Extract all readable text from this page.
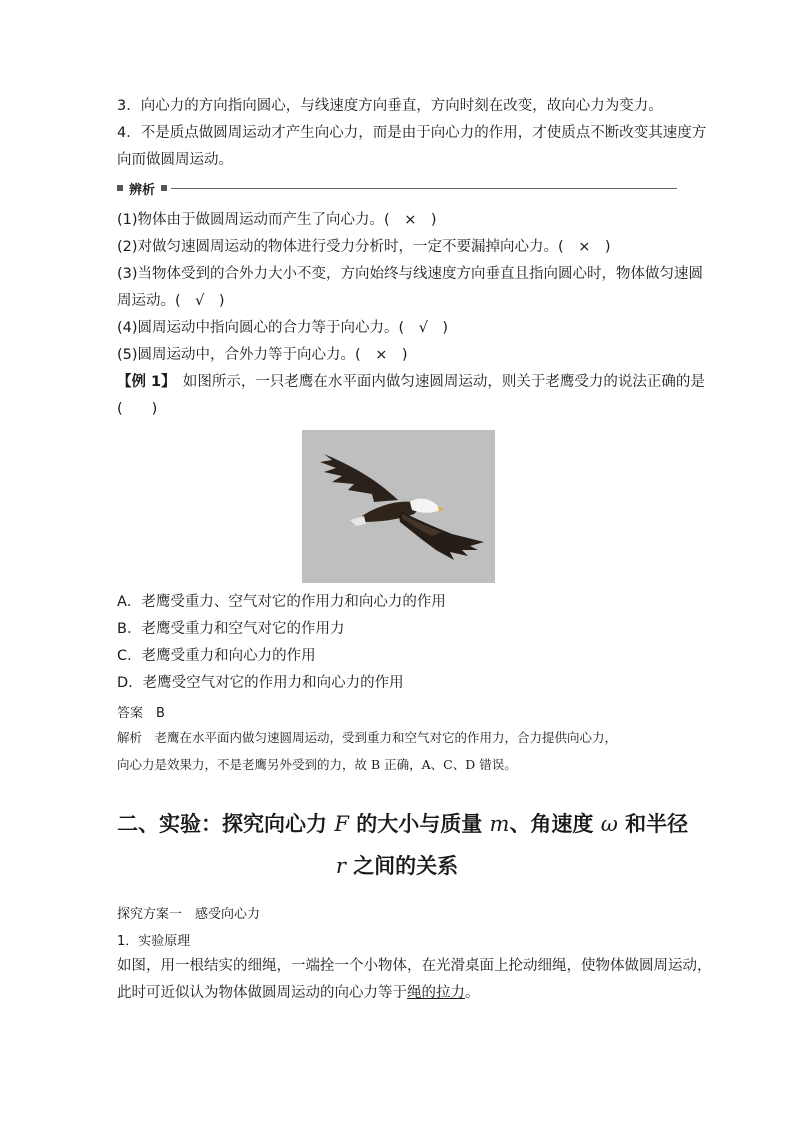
3．向心力的方向指向圆心，与线速度方向垂直，方向时刻在改变，故向心力为变力。
4．不是质点做圆周运动才产生向心力，而是由于向心力的作用，才使质点不断改变其速度方
向而做圆周运动。
辨析
(1)物体由于做圆周运动而产生了向心力。(　×　)
(2)对做匀速圆周运动的物体进行受力分析时，一定不要漏掉向心力。(　×　)
(3)当物体受到的合外力大小不变，方向始终与线速度方向垂直且指向圆心时，物体做匀速圆
周运动。(　√　)
(4)圆周运动中指向圆心的合力等于向心力。(　√　)
(5)圆周运动中，合外力等于向心力。(　×　)
【例 1】　如图所示，一只老鹰在水平面内做匀速圆周运动，则关于老鹰受力的说法正确的是
(　　)
A．老鹰受重力、空气对它的作用力和向心力的作用
B．老鹰受重力和空气对它的作用力
C．老鹰受重力和向心力的作用
D．老鹰受空气对它的作用力和向心力的作用
答案　 B
解析　老鹰在水平面内做匀速圆周运动，受到重力和空气对它的作用力，合力提供向心力，
向心力是效果力，不是老鹰另外受到的力，故 B 正确，A、C、D 错误。
二、实验：探究向心力 F 的大小与质量 m、角速度 ω 和半径
r 之间的关系
探究方案一　感受向心力
1．实验原理
如图，用一根结实的细绳，一端拴一个小物体，在光滑桌面上抡动细绳，使物体做圆周运动，
此时可近似认为物体做圆周运动的向心力等于绳的拉力。
